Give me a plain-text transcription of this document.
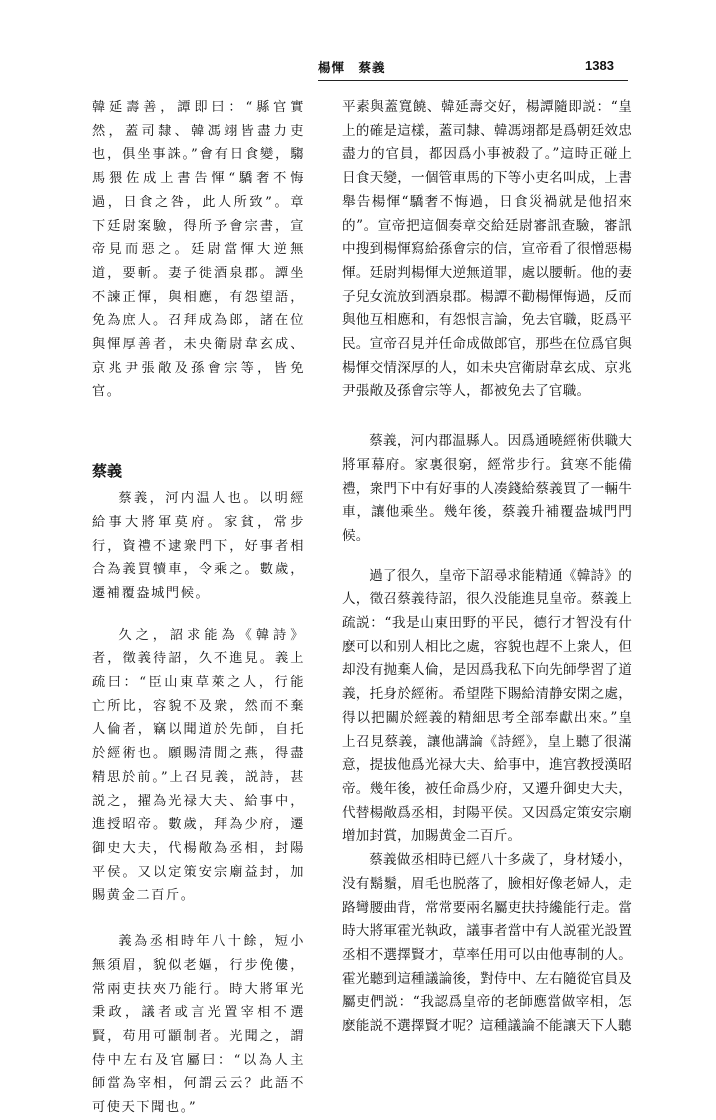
楊惲　蔡義	1383

韓延壽善，譚即曰：“縣官實然，蓋司隸、韓馮翊皆盡力吏也，俱坐事誅。”會有日食變，騶馬猥佐成上書告惲“驕奢不悔過，日食之咎，此人所致”。章下廷尉案驗，得所予會宗書，宣帝見而惡之。廷尉當惲大逆無道，要斬。妻子徙酒泉郡。譚坐不諫正惲，與相應，有怨望語，免為庶人。召拜成為郎，諸在位與惲厚善者，未央衛尉韋玄成、京兆尹張敞及孫會宗等，皆免官。

蔡義

蔡義，河内温人也。以明經給事大將軍莫府。家貧，常步行，資禮不逮衆門下，好事者相合為義買犢車，令乘之。數歲，遷補覆盎城門候。

久之，詔求能為《韓詩》者，徵義待詔，久不進見。義上疏曰：“臣山東草萊之人，行能亡所比，容貌不及衆，然而不棄人倫者，竊以聞道於先師，自托於經術也。願賜清閒之燕，得盡精思於前。”上召見義，説詩，甚説之，擢為光禄大夫、給事中，進授昭帝。數歲，拜為少府，遷御史大夫，代楊敞為丞相，封陽平侯。又以定策安宗廟益封，加賜黄金二百斤。

義為丞相時年八十餘，短小無須眉，貌似老嫗，行步俛僂，常兩吏扶夾乃能行。時大將軍光秉政，議者或言光置宰相不選賢，苟用可顓制者。光聞之，謂侍中左右及官屬曰：“以為人主師當為宰相，何謂云云？此語不可使天下聞也。”

平素與蓋寬饒、韓延壽交好，楊譚隨即説：“皇上的確是這樣，蓋司隸、韓馮翊都是爲朝廷效忠盡力的官員，都因爲小事被殺了。”這時正碰上日食天變，一個管車馬的下等小吏名叫成，上書舉告楊惲“驕奢不悔過，日食災禍就是他招來的”。宣帝把這個奏章交給廷尉審訊查驗，審訊中搜到楊惲寫給孫會宗的信，宣帝看了很憎惡楊惲。廷尉判楊惲大逆無道罪，處以腰斬。他的妻子兒女流放到酒泉郡。楊譚不勸楊惲悔過，反而與他互相應和，有怨恨言論，免去官職，貶爲平民。宣帝召見并任命成做郎官，那些在位爲官與楊惲交情深厚的人，如未央宫衛尉韋玄成、京兆尹張敞及孫會宗等人，都被免去了官職。

蔡義，河内郡温縣人。因爲通曉經術供職大將軍幕府。家裏很窮，經常步行。貧寒不能備禮，衆門下中有好事的人凑錢給蔡義買了一輛牛車，讓他乘坐。幾年後，蔡義升補覆盎城門門候。

過了很久，皇帝下詔尋求能精通《韓詩》的人，徵召蔡義待詔，很久没能進見皇帝。蔡義上疏説：“我是山東田野的平民，德行才智没有什麽可以和别人相比之處，容貌也趕不上衆人，但却没有抛棄人倫，是因爲我私下向先師學習了道義，托身於經術。希望陛下賜給清静安閑之處，得以把關於經義的精細思考全部奉獻出來。”皇上召見蔡義，讓他講論《詩經》，皇上聽了很滿意，提拔他爲光禄大夫、給事中，進宫教授漢昭帝。幾年後，被任命爲少府，又遷升御史大夫，代替楊敞爲丞相，封陽平侯。又因爲定策安宗廟增加封賞，加賜黄金二百斤。

蔡義做丞相時已經八十多歲了，身材矮小，没有鬍鬚，眉毛也脱落了，臉相好像老婦人，走路彎腰曲背，常常要兩名屬吏扶持纔能行走。當時大將軍霍光執政，議事者當中有人説霍光設置丞相不選擇賢才，草率任用可以由他專制的人。霍光聽到這種議論後，對侍中、左右隨從官員及屬吏們説：“我認爲皇帝的老師應當做宰相，怎麽能説不選擇賢才呢？這種議論不能讓天下人聽
